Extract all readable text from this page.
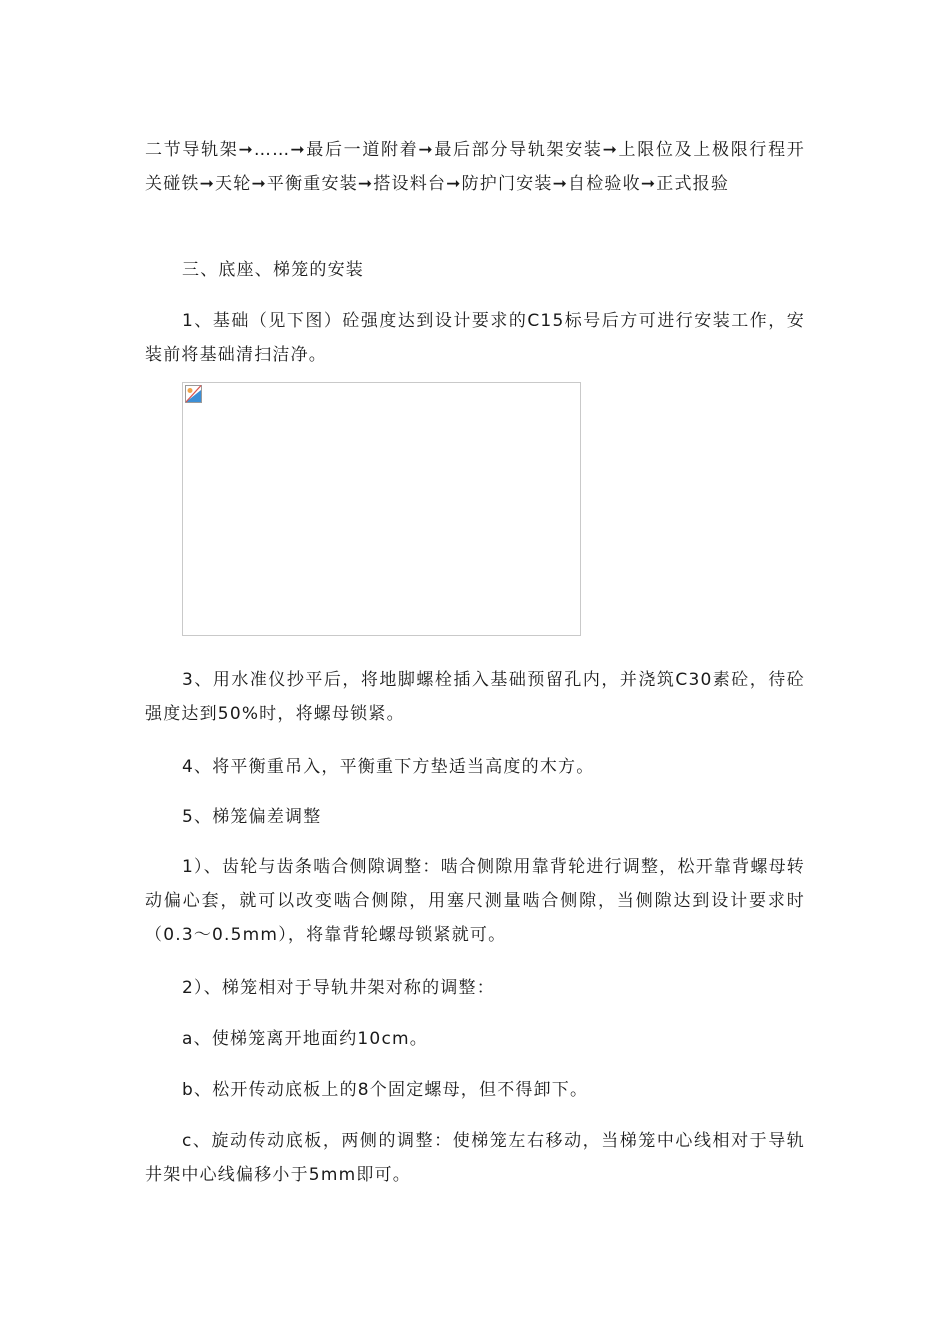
二节导轨架➞……➞最后一道附着➞最后部分导轨架安装➞上限位及上极限行程开关碰铁➞天轮➞平衡重安装➞搭设料台➞防护门安装➞自检验收➞正式报验

三、底座、梯笼的安装

1、基础（见下图）砼强度达到设计要求的C15标号后方可进行安装工作，安装前将基础清扫洁净。

3、用水准仪抄平后，将地脚螺栓插入基础预留孔内，并浇筑C30素砼，待砼强度达到50%时，将螺母锁紧。

4、将平衡重吊入，平衡重下方垫适当高度的木方。

5、梯笼偏差调整

1）、齿轮与齿条啮合侧隙调整：啮合侧隙用靠背轮进行调整，松开靠背螺母转动偏心套，就可以改变啮合侧隙，用塞尺测量啮合侧隙，当侧隙达到设计要求时（0.3～0.5mm），将靠背轮螺母锁紧就可。

2）、梯笼相对于导轨井架对称的调整：

a、使梯笼离开地面约10cm。

b、松开传动底板上的8个固定螺母，但不得卸下。

c、旋动传动底板，两侧的调整：使梯笼左右移动，当梯笼中心线相对于导轨井架中心线偏移小于5mm即可。
